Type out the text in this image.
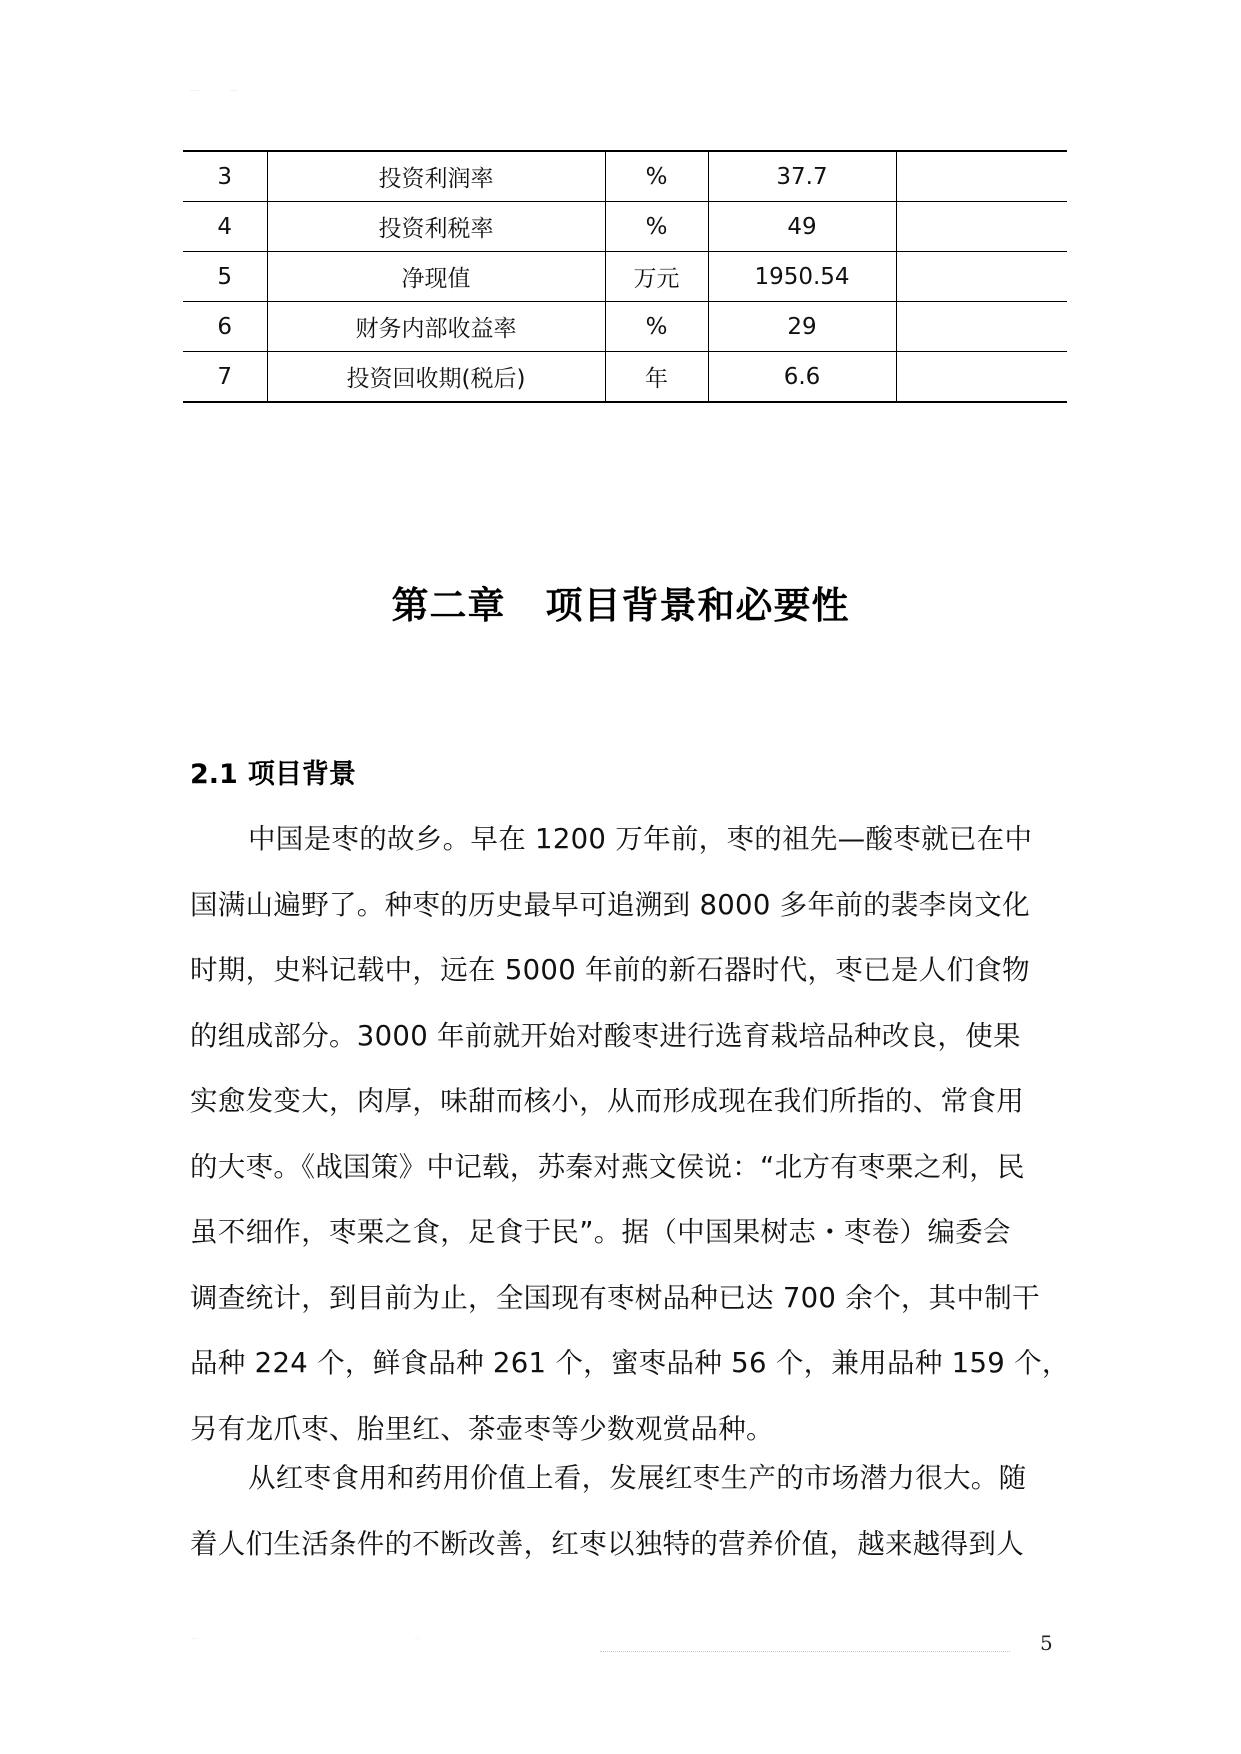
·····	····
3	投资利润率	%	37.7	
4	投资利税率	%	49	
5	净现值	万元	1950.54	
6	财务内部收益率	%	29	
7	投资回收期(税后)	年	6.6	
第二章 项目背景和必要性
2.1 项目背景

中国是枣的故乡。早在 1200 万年前，枣的祖先—酸枣就已在中
国满山遍野了。种枣的历史最早可追溯到 8000 多年前的裴李岗文化
时期，史料记载中，远在 5000 年前的新石器时代，枣已是人们食物
的组成部分。3000 年前就开始对酸枣进行选育栽培品种改良，使果
实愈发变大，肉厚，味甜而核小，从而形成现在我们所指的、常食用
的大枣。《战国策》中记载，苏秦对燕文侯说：“北方有枣栗之利，民
虽不细作，枣栗之食，足食于民”。据（中国果树志・枣卷）编委会
调查统计，到目前为止，全国现有枣树品种已达 700 余个，其中制干
品种 224 个，鲜食品种 261 个，蜜枣品种 56 个，兼用品种 159 个，
另有龙爪枣、胎里红、茶壶枣等少数观赏品种。

从红枣食用和药用价值上看，发展红枣生产的市场潜力很大。随
着人们生活条件的不断改善，红枣以独特的营养价值，越来越得到人

·····	···	5
